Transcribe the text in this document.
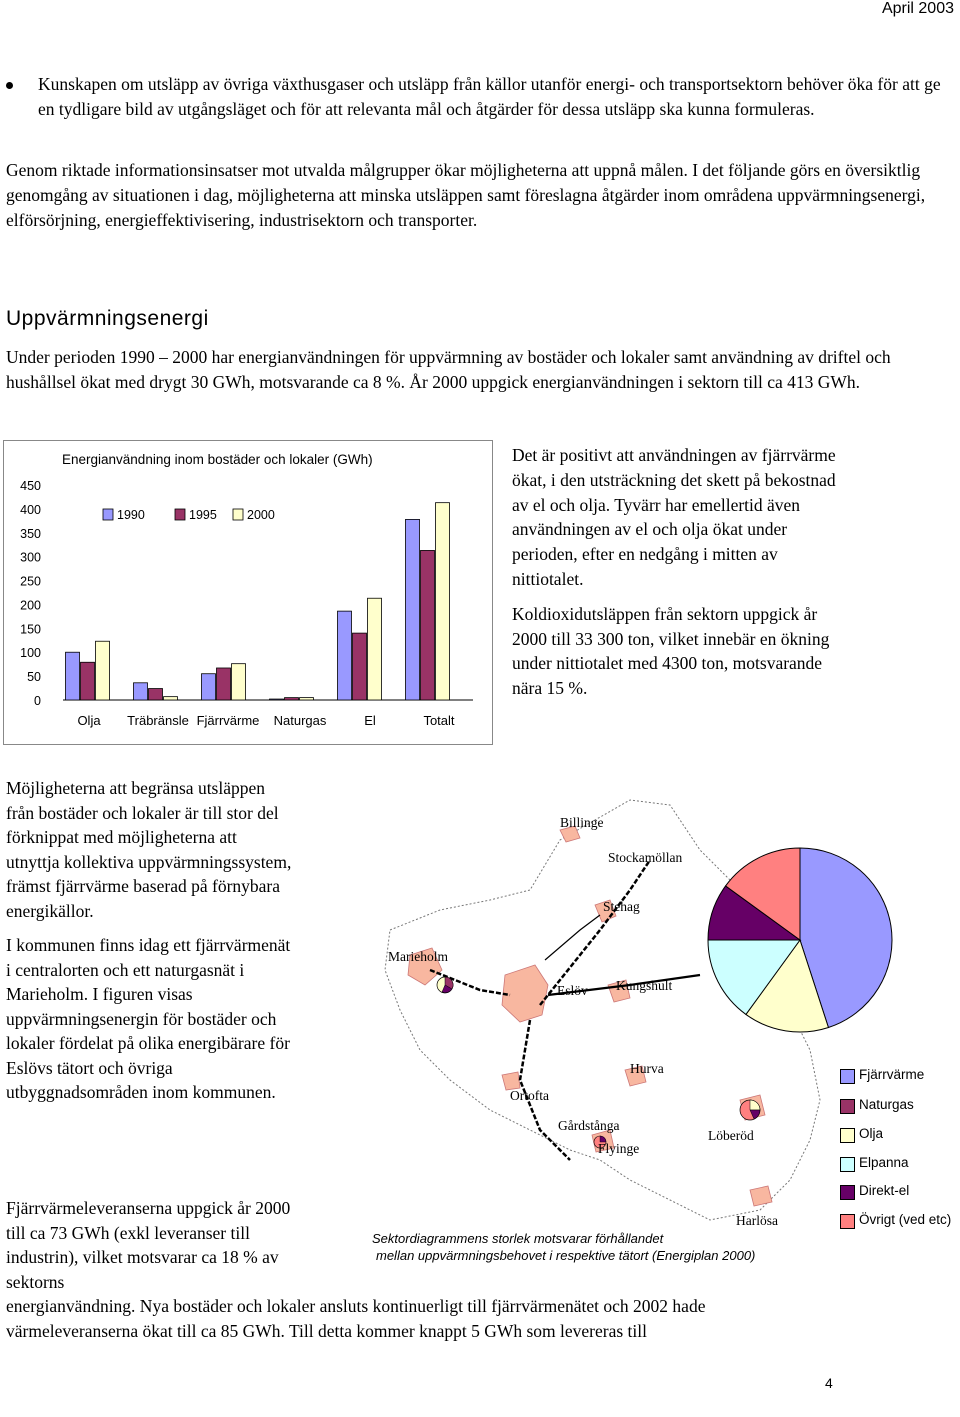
April 2003
Kunskapen om utsläpp av övriga växthusgaser och utsläpp från källor utanför energi- och transportsektorn behöver öka för att ge en tydligare bild av utgångsläget och för att relevanta mål och åtgärder för dessa utsläpp ska kunna formuleras.
Genom riktade informationsinsatser mot utvalda målgrupper ökar möjligheterna att uppnå målen. I det följande görs en översiktlig genomgång av situationen i dag, möjligheterna att minska utsläppen samt föreslagna åtgärder inom områdena uppvärmningsenergi, elförsörjning, energieffektivisering, industrisektorn och transporter.
Uppvärmningsenergi
Under perioden 1990 – 2000 har energianvändningen för uppvärmning av bostäder och lokaler samt användning av driftel och hushållsel ökat med drygt 30 GWh, motsvarande ca 8 %. År 2000 uppgick energianvändningen i sektorn till ca 413 GWh.
Energianvändning inom bostäder och lokaler (GWh)
0
50
100
150
200
250
300
350
400
450
Olja Träbränsle Fjärrvärme Naturgas	El	Totalt
1990	1995 2000

Det är positivt att användningen av fjärrvärme ökat, i den utsträckning det skett på bekostnad av el och olja. Tyvärr har emellertid även användningen av el och olja ökat under perioden, efter en nedgång i mitten av nittiotalet.

Koldioxidutsläppen från sektorn uppgick år 2000 till 33 300 ton, vilket innebär en ökning under nittiotalet med 4300 ton, motsvarande nära 15 %.

Möjligheterna att begränsa utsläppen från bostäder och lokaler är till stor del förknippat med möjligheterna att utnyttja kollektiva uppvärmningssystem, främst fjärrvärme baserad på förnybara energikällor.

I kommunen finns idag ett fjärrvärmenät i centralorten och ett naturgasnät i Marieholm. I figuren visas uppvärmningsenergin för bostäder och lokaler fördelat på olika energibärare för Eslövs tätort och övriga utbyggnadsområden inom kommunen.

Billinge
Stockamöllan
Stehag
Marieholm
Eslöv Kungshult
Hurva
Ortofta
Gårdstånga
Flyinge
Löberöd
Harlösa
Fjärrvärme
Naturgas
Olja
Elpanna
Direkt-el
Övrigt (ved etc)
Sektordiagrammens storlek motsvarar förhållandet
mellan uppvärmningsbehovet i respektive tätort (Energiplan 2000)
Fjärrvärmeleveranserna uppgick år 2000 till ca 73 GWh (exkl leveranser till industrin), vilket motsvarar ca 18 % av sektorns
energianvändning. Nya bostäder och lokaler ansluts kontinuerligt till fjärrvärmenätet och 2002 hade värmeleveranserna ökat till ca 85 GWh. Till detta kommer knappt 5 GWh som levereras till
4
